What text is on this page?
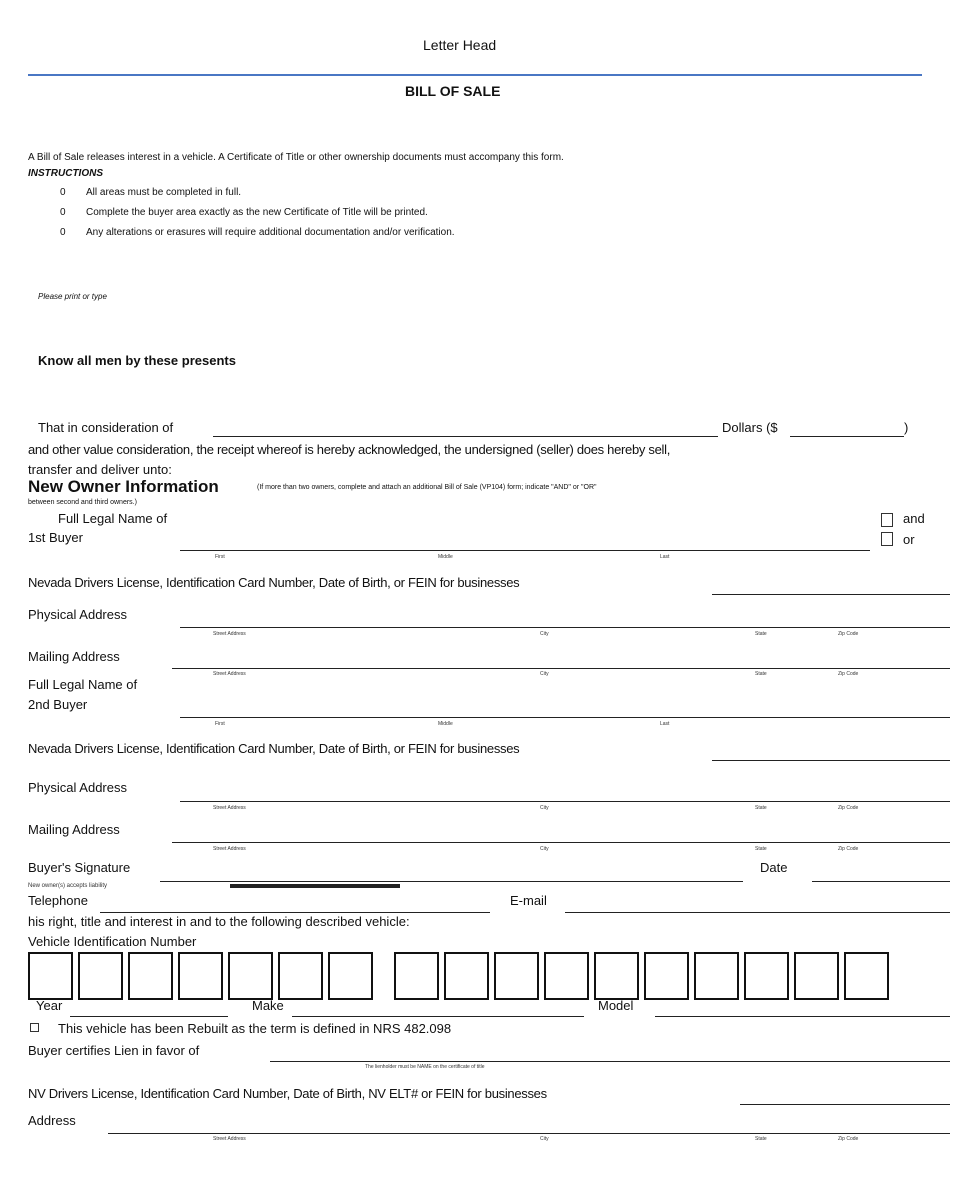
Letter Head
BILL OF SALE
A Bill of Sale releases interest in a vehicle. A Certificate of Title or other ownership documents must accompany this form.
INSTRUCTIONS
0 All areas must be completed in full.
0 Complete the buyer area exactly as the new Certificate of Title will be printed.
0 Any alterations or erasures will require additional documentation and/or verification.
Please print or type
Know all men by these presents
That in consideration of	Dollars ($	)
and other value consideration, the receipt whereof is hereby acknowledged, the undersigned (seller) does hereby sell,
transfer and deliver unto:
New Owner Information	(If more than two owners, complete and attach an additional Bill of Sale (VP104) form; indicate "AND" or "OR"
between second and third owners.)
Full Legal Name of
1st Buyer
First	Middle	Last
and
or
Nevada Drivers License, Identification Card Number, Date of Birth, or FEIN for businesses
Physical Address
Street Address	City	State	Zip Code
Mailing Address
Street Address	City	State	Zip Code
Full Legal Name of
2nd Buyer
First	Middle	Last
Nevada Drivers License, Identification Card Number, Date of Birth, or FEIN for businesses
Physical Address
Street Address	City	State	Zip Code
Mailing Address
Street Address	City	State	Zip Code
Buyer's Signature	Date
New owner(s) accepts liability
Telephone	E-mail
his right, title and interest in and to the following described vehicle:
Vehicle Identification Number
Year	Make	Model
This vehicle has been Rebuilt as the term is defined in NRS 482.098
Buyer certifies Lien in favor of
The lienholder must be NAME on the certificate of title
NV Drivers License, Identification Card Number, Date of Birth, NV ELT# or FEIN for businesses
Address
Street Address	City	State	Zip Code
